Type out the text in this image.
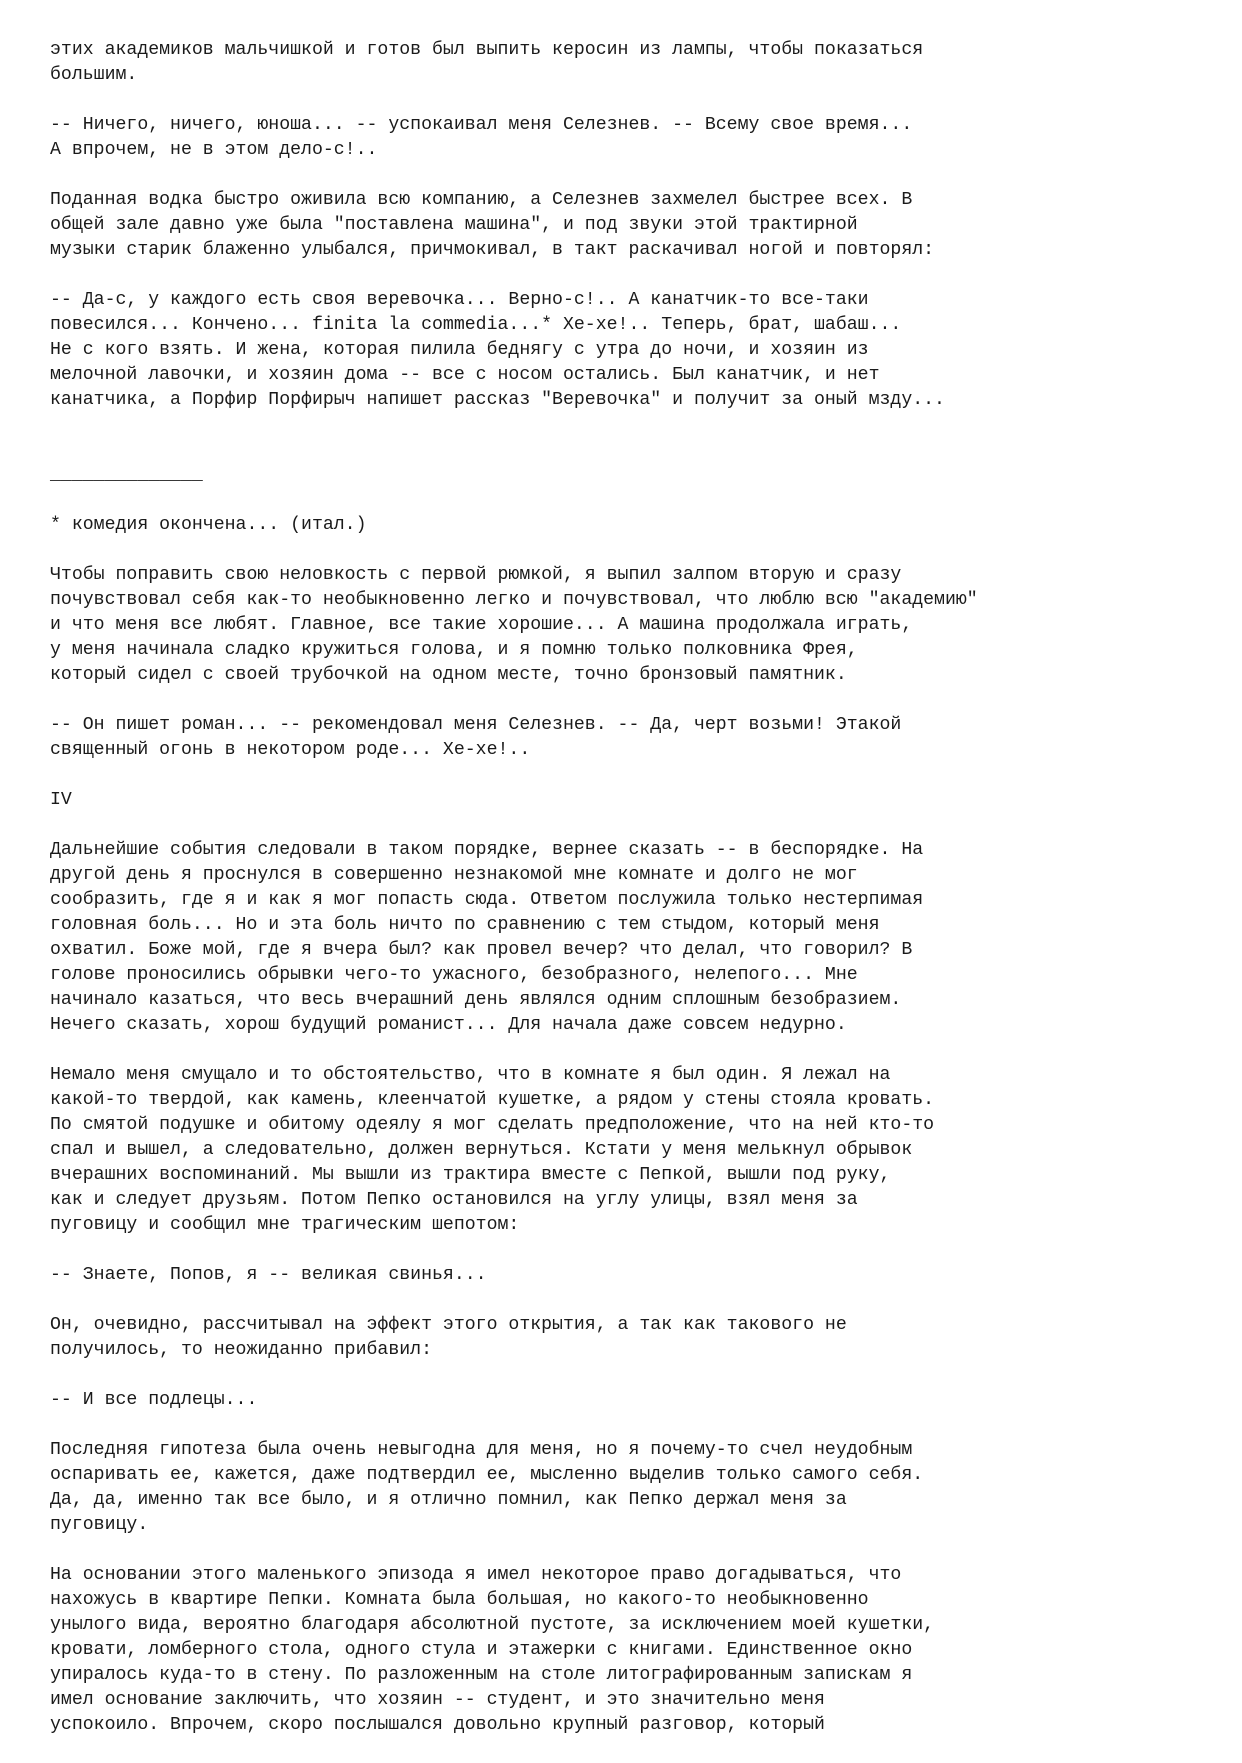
этих академиков мальчишкой и готов был выпить керосин из лампы, чтобы показаться
большим.
-- Ничего, ничего, юноша... -- успокаивал меня Селезнев. -- Всему свое время...
А впрочем, не в этом дело-с!..
Поданная водка быстро оживила всю компанию, а Селезнев захмелел быстрее всех. В
общей зале давно уже была "поставлена машина", и под звуки этой трактирной
музыки старик блаженно улыбался, причмокивал, в такт раскачивал ногой и повторял:
-- Да-с, у каждого есть своя веревочка... Верно-с!.. А канатчик-то все-таки
повесился... Кончено... finita la commedia...* Хе-хе!.. Теперь, брат, шабаш...
Не с кого взять. И жена, которая пилила беднягу с утра до ночи, и хозяин из
мелочной лавочки, и хозяин дома -- все с носом остались. Был канатчик, и нет
канатчика, а Порфир Порфирыч напишет рассказ "Веревочка" и получит за оный мзду...
______________
* комедия окончена... (итал.)
Чтобы поправить свою неловкость с первой рюмкой, я выпил залпом вторую и сразу
почувствовал себя как-то необыкновенно легко и почувствовал, что люблю всю "академию"
и что меня все любят. Главное, все такие хорошие... А машина продолжала играть,
у меня начинала сладко кружиться голова, и я помню только полковника Фрея,
который сидел с своей трубочкой на одном месте, точно бронзовый памятник.
-- Он пишет роман... -- рекомендовал меня Селезнев. -- Да, черт возьми! Этакой
священный огонь в некотором роде... Хе-хе!..
IV
Дальнейшие события следовали в таком порядке, вернее сказать -- в беспорядке. На
другой день я проснулся в совершенно незнакомой мне комнате и долго не мог
сообразить, где я и как я мог попасть сюда. Ответом послужила только нестерпимая
головная боль... Но и эта боль ничто по сравнению с тем стыдом, который меня
охватил. Боже мой, где я вчера был? как провел вечер? что делал, что говорил? В
голове проносились обрывки чего-то ужасного, безобразного, нелепого... Мне
начинало казаться, что весь вчерашний день являлся одним сплошным безобразием.
Нечего сказать, хорош будущий романист... Для начала даже совсем недурно.
Немало меня смущало и то обстоятельство, что в комнате я был один. Я лежал на
какой-то твердой, как камень, клеенчатой кушетке, а рядом у стены стояла кровать.
По смятой подушке и обитому одеялу я мог сделать предположение, что на ней кто-то
спал и вышел, а следовательно, должен вернуться. Кстати у меня мелькнул обрывок
вчерашних воспоминаний. Мы вышли из трактира вместе с Пепкой, вышли под руку,
как и следует друзьям. Потом Пепко остановился на углу улицы, взял меня за
пуговицу и сообщил мне трагическим шепотом:
-- Знаете, Попов, я -- великая свинья...
Он, очевидно, рассчитывал на эффект этого открытия, а так как такового не
получилось, то неожиданно прибавил:
-- И все подлецы...
Последняя гипотеза была очень невыгодна для меня, но я почему-то счел неудобным
оспаривать ее, кажется, даже подтвердил ее, мысленно выделив только самого себя.
Да, да, именно так все было, и я отлично помнил, как Пепко держал меня за
пуговицу.
На основании этого маленького эпизода я имел некоторое право догадываться, что
нахожусь в квартире Пепки. Комната была большая, но какого-то необыкновенно
унылого вида, вероятно благодаря абсолютной пустоте, за исключением моей кушетки,
кровати, ломберного стола, одного стула и этажерки с книгами. Единственное окно
упиралось куда-то в стену. По разложенным на столе литографированным запискам я
имел основание заключить, что хозяин -- студент, и это значительно меня
успокоило. Впрочем, скоро послышался довольно крупный разговор, который
